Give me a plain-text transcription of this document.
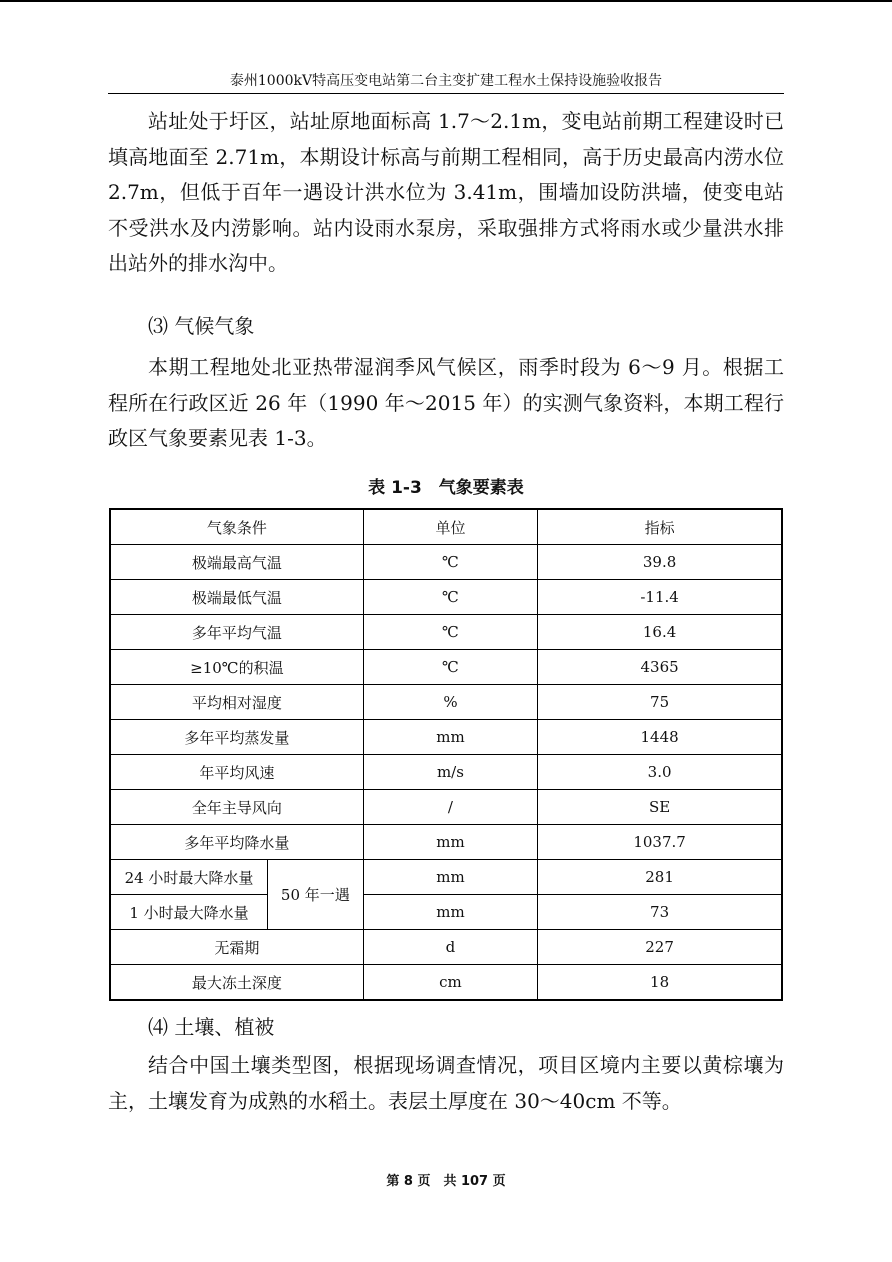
泰州1000kV特高压变电站第二台主变扩建工程水土保持设施验收报告

站址处于圩区，站址原地面标高 1.7～2.1m，变电站前期工程建设时已填高地面至 2.71m，本期设计标高与前期工程相同，高于历史最高内涝水位 2.7m，但低于百年一遇设计洪水位为 3.41m，围墙加设防洪墙，使变电站不受洪水及内涝影响。站内设雨水泵房，采取强排方式将雨水或少量洪水排出站外的排水沟中。

⑶ 气候气象

本期工程地处北亚热带湿润季风气候区，雨季时段为 6～9 月。根据工程所在行政区近 26 年（1990 年～2015 年）的实测气象资料，本期工程行政区气象要素见表 1-3。

表 1-3　气象要素表
气象条件		单位	指标
极端最高气温		℃	39.8
极端最低气温		℃	-11.4
多年平均气温		℃	16.4
≥10℃的积温		℃	4365
平均相对湿度		%	75
多年平均蒸发量		mm	1448
年平均风速		m/s	3.0
全年主导风向		/	SE
多年平均降水量		mm	1037.7
24 小时最大降水量	50 年一遇	mm	281
1 小时最大降水量		mm	73
无霜期		d	227
最大冻土深度		cm	18
⑷ 土壤、植被

结合中国土壤类型图，根据现场调查情况，项目区境内主要以黄棕壤为主，土壤发育为成熟的水稻土。表层土厚度在 30～40cm 不等。

第 8 页　共 107 页
